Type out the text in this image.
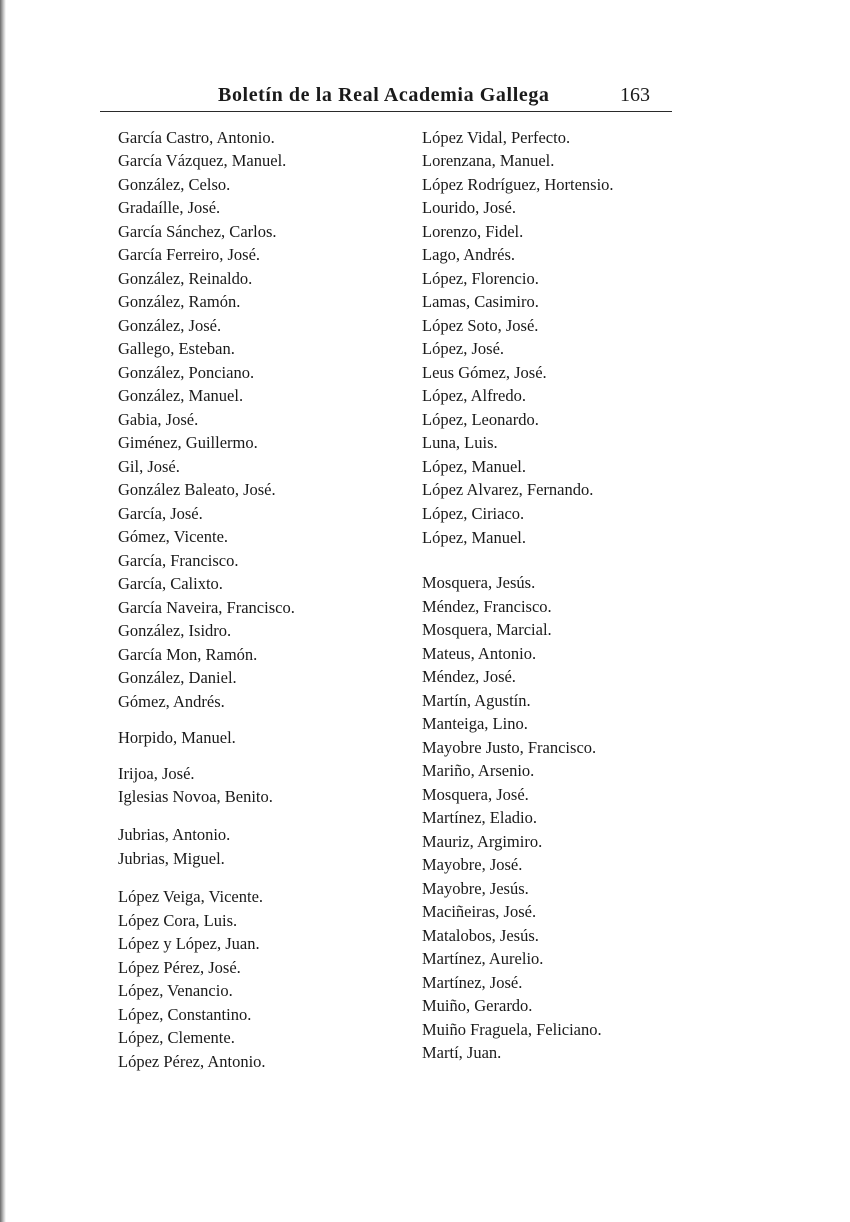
Boletín de la Real Academia Gallega	163
García Castro, Antonio.
García Vázquez, Manuel.
González, Celso.
Gradaílle, José.
García Sánchez, Carlos.
García Ferreiro, José.
González, Reinaldo.
González, Ramón.
González, José.
Gallego, Esteban.
González, Ponciano.
González, Manuel.
Gabia, José.
Giménez, Guillermo.
Gil, José.
González Baleato, José.
García, José.
Gómez, Vicente.
García, Francisco.
García, Calixto.
García Naveira, Francisco.
González, Isidro.
García Mon, Ramón.
González, Daniel.
Gómez, Andrés.
Horpido, Manuel.
Irijoa, José.
Iglesias Novoa, Benito.
Jubrias, Antonio.
Jubrias, Miguel.
López Veiga, Vicente.
López Cora, Luis.
López y López, Juan.
López Pérez, José.
López, Venancio.
López, Constantino.
López, Clemente.
López Pérez, Antonio.
López Vidal, Perfecto.
Lorenzana, Manuel.
López Rodríguez, Hortensio.
Lourido, José.
Lorenzo, Fidel.
Lago, Andrés.
López, Florencio.
Lamas, Casimiro.
López Soto, José.
López, José.
Leus Gómez, José.
López, Alfredo.
López, Leonardo.
Luna, Luis.
López, Manuel.
López Alvarez, Fernando.
López, Ciriaco.
López, Manuel.
Mosquera, Jesús.
Méndez, Francisco.
Mosquera, Marcial.
Mateus, Antonio.
Méndez, José.
Martín, Agustín.
Manteiga, Lino.
Mayobre Justo, Francisco.
Mariño, Arsenio.
Mosquera, José.
Martínez, Eladio.
Mauriz, Argimiro.
Mayobre, José.
Mayobre, Jesús.
Maciñeiras, José.
Matalobos, Jesús.
Martínez, Aurelio.
Martínez, José.
Muiño, Gerardo.
Muiño Fraguela, Feliciano.
Martí, Juan.
